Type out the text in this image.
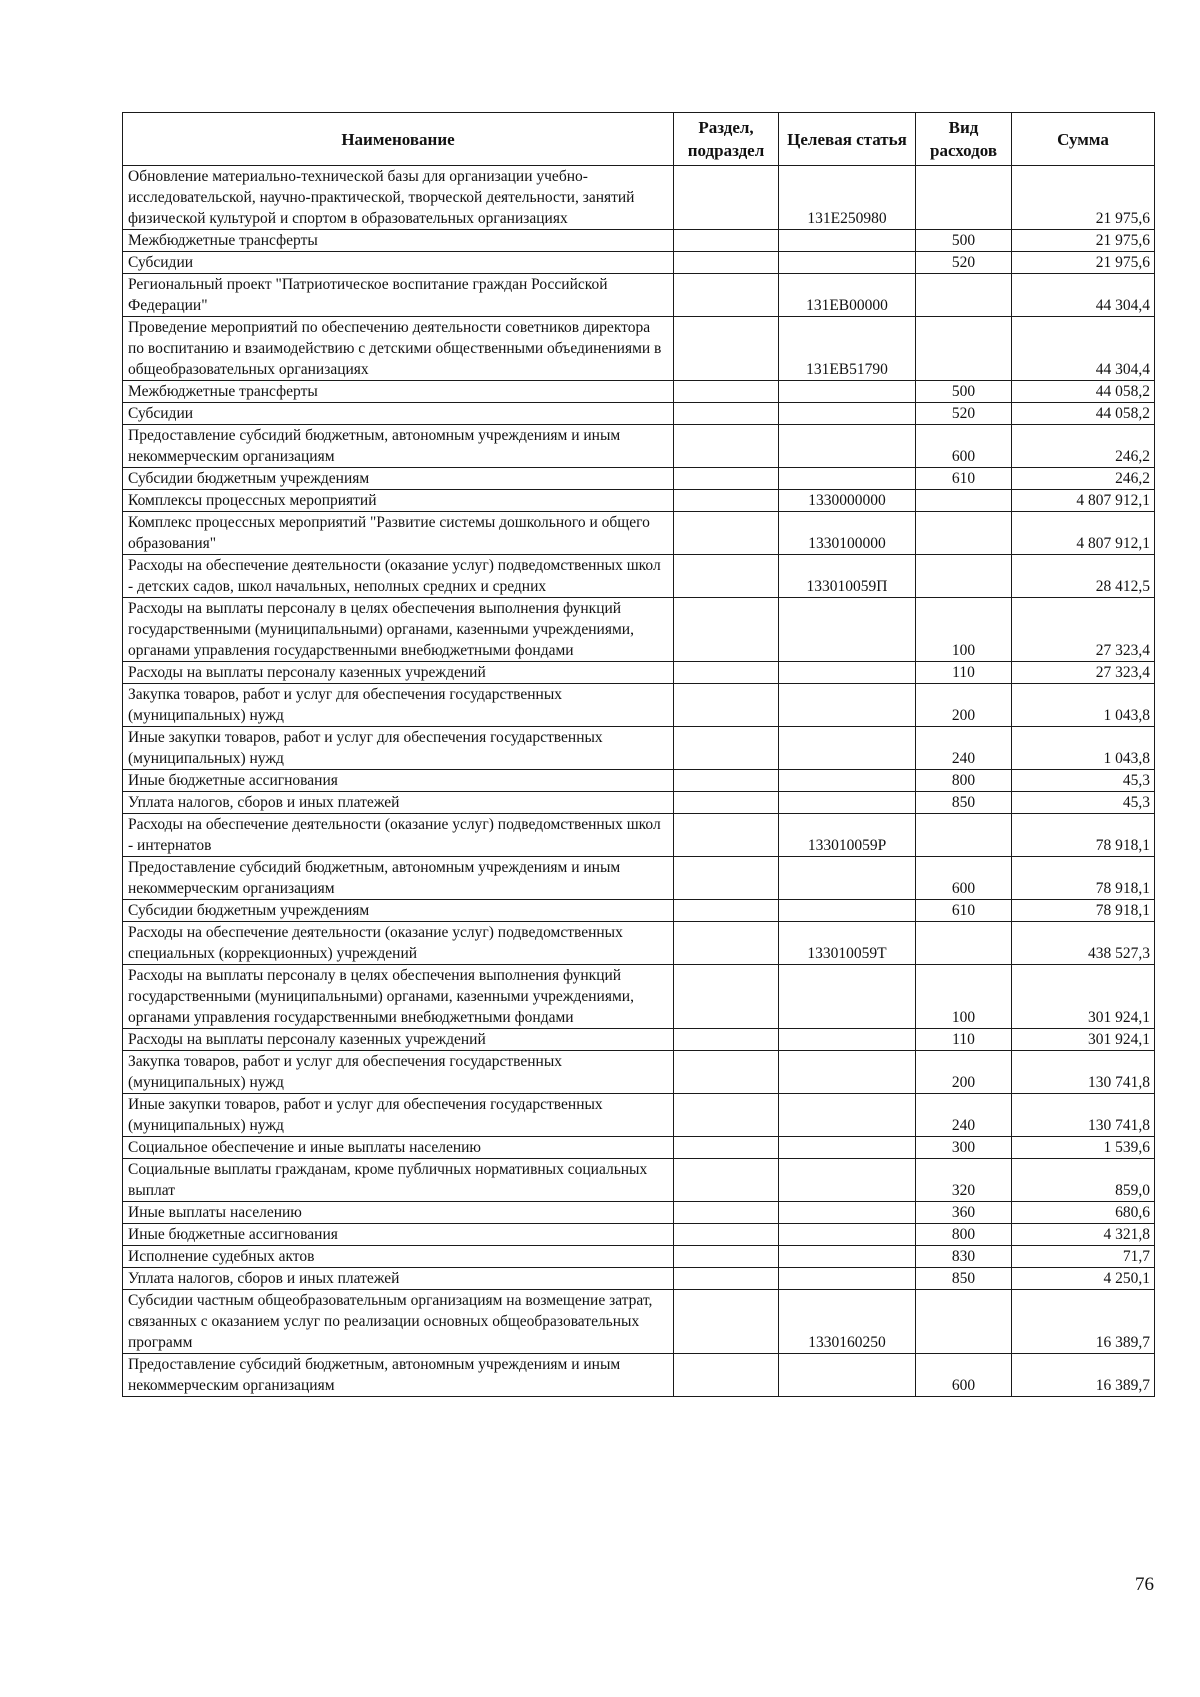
Наименование	Раздел, подраздел	Целевая статья	Вид расходов	Сумма
Обновление материально-технической базы для организации учебно-исследовательской, научно-практической, творческой деятельности, занятий физической культурой и спортом в образовательных организациях		131Е250980		21 975,6
Межбюджетные трансферты			500	21 975,6
Субсидии			520	21 975,6
Региональный проект "Патриотическое воспитание граждан Российской Федерации"		131ЕВ00000		44 304,4
Проведение мероприятий по обеспечению деятельности советников директора по воспитанию и взаимодействию с детскими общественными объединениями в общеобразовательных организациях		131ЕВ51790		44 304,4
Межбюджетные трансферты			500	44 058,2
Субсидии			520	44 058,2
Предоставление субсидий бюджетным, автономным учреждениям и иным некоммерческим организациям			600	246,2
Субсидии бюджетным учреждениям			610	246,2
Комплексы процессных мероприятий		1330000000		4 807 912,1
Комплекс процессных мероприятий "Развитие системы дошкольного и общего образования"		1330100000		4 807 912,1
Расходы на обеспечение деятельности (оказание услуг) подведомственных школ - детских садов, школ начальных, неполных средних и средних		133010059П		28 412,5
Расходы на выплаты персоналу в целях обеспечения выполнения функций государственными (муниципальными) органами, казенными учреждениями, органами управления государственными внебюджетными фондами			100	27 323,4
Расходы на выплаты персоналу казенных учреждений			110	27 323,4
Закупка товаров, работ и услуг для обеспечения государственных (муниципальных) нужд			200	1 043,8
Иные закупки товаров, работ и услуг для обеспечения государственных (муниципальных) нужд			240	1 043,8
Иные бюджетные ассигнования			800	45,3
Уплата налогов, сборов и иных платежей			850	45,3
Расходы на обеспечение деятельности (оказание услуг) подведомственных школ - интернатов		133010059Р		78 918,1
Предоставление субсидий бюджетным, автономным учреждениям и иным некоммерческим организациям			600	78 918,1
Субсидии бюджетным учреждениям			610	78 918,1
Расходы на обеспечение деятельности (оказание услуг) подведомственных специальных (коррекционных) учреждений		133010059Т		438 527,3
Расходы на выплаты персоналу в целях обеспечения выполнения функций государственными (муниципальными) органами, казенными учреждениями, органами управления государственными внебюджетными фондами			100	301 924,1
Расходы на выплаты персоналу казенных учреждений			110	301 924,1
Закупка товаров, работ и услуг для обеспечения государственных (муниципальных) нужд			200	130 741,8
Иные закупки товаров, работ и услуг для обеспечения государственных (муниципальных) нужд			240	130 741,8
Социальное обеспечение и иные выплаты населению			300	1 539,6
Социальные выплаты гражданам, кроме публичных нормативных социальных выплат			320	859,0
Иные выплаты населению			360	680,6
Иные бюджетные ассигнования			800	4 321,8
Исполнение судебных актов			830	71,7
Уплата налогов, сборов и иных платежей			850	4 250,1
Субсидии частным общеобразовательным организациям на возмещение затрат, связанных с оказанием услуг по реализации основных общеобразовательных программ		1330160250		16 389,7
Предоставление субсидий бюджетным, автономным учреждениям и иным некоммерческим организациям			600	16 389,7
76
